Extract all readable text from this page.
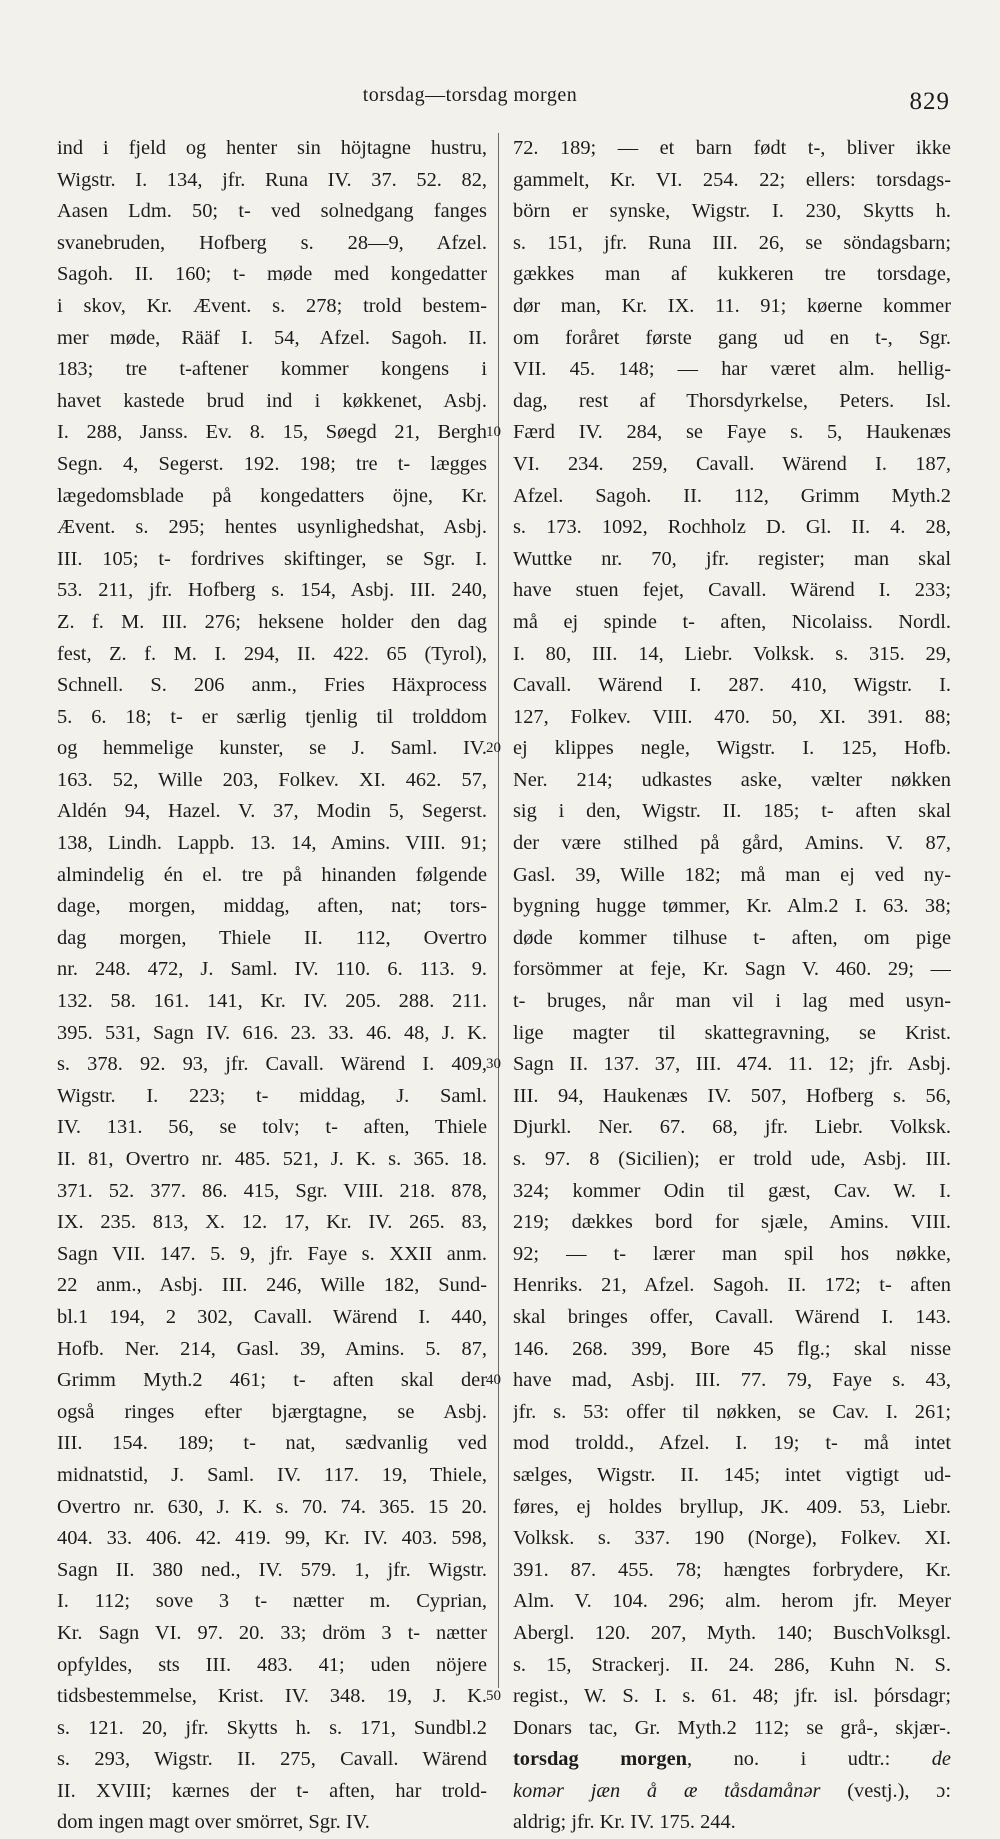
torsdag—torsdag morgen	829
ind i fjeld og henter sin höjtagne hustru,
Wigstr. I. 134, jfr. Runa IV. 37. 52. 82,
Aasen Ldm. 50; t- ved solnedgang fanges
svanebruden, Hofberg s. 28—9, Afzel.
Sagoh. II. 160; t- møde med kongedatter
i skov, Kr. Ævent. s. 278; trold bestem-
mer møde, Rääf I. 54, Afzel. Sagoh. II.
183; tre t-aftener kommer kongens i
havet kastede brud ind i køkkenet, Asbj.
I. 288, Janss. Ev. 8. 15, Søegd 21, Bergh
Segn. 4, Segerst. 192. 198; tre t- lægges
lægedomsblade på kongedatters öjne, Kr.
Ævent. s. 295; hentes usynlighedshat, Asbj.
III. 105; t- fordrives skiftinger, se Sgr. I.
53. 211, jfr. Hofberg s. 154, Asbj. III. 240,
Z. f. M. III. 276; heksene holder den dag
fest, Z. f. M. I. 294, II. 422. 65 (Tyrol),
Schnell. S. 206 anm., Fries Häxprocess
5. 6. 18; t- er særlig tjenlig til trolddom
og hemmelige kunster, se J. Saml. IV.
163. 52, Wille 203, Folkev. XI. 462. 57,
Aldén 94, Hazel. V. 37, Modin 5, Segerst.
138, Lindh. Lappb. 13. 14, Amins. VIII. 91;
almindelig én el. tre på hinanden følgende
dage, morgen, middag, aften, nat; tors-
dag morgen, Thiele II. 112, Overtro
nr. 248. 472, J. Saml. IV. 110. 6. 113. 9.
132. 58. 161. 141, Kr. IV. 205. 288. 211.
395. 531, Sagn IV. 616. 23. 33. 46. 48, J. K.
s. 378. 92. 93, jfr. Cavall. Wärend I. 409,
Wigstr. I. 223; t- middag, J. Saml.
IV. 131. 56, se tolv; t- aften, Thiele
II. 81, Overtro nr. 485. 521, J. K. s. 365. 18.
371. 52. 377. 86. 415, Sgr. VIII. 218. 878,
IX. 235. 813, X. 12. 17, Kr. IV. 265. 83,
Sagn VII. 147. 5. 9, jfr. Faye s. XXII anm.
22 anm., Asbj. III. 246, Wille 182, Sund-
bl.1 194, 2 302, Cavall. Wärend I. 440,
Hofb. Ner. 214, Gasl. 39, Amins. 5. 87,
Grimm Myth.2 461; t- aften skal der
også ringes efter bjærgtagne, se Asbj.
III. 154. 189; t- nat, sædvanlig ved
midnatstid, J. Saml. IV. 117. 19, Thiele,
Overtro nr. 630, J. K. s. 70. 74. 365. 15 20.
404. 33. 406. 42. 419. 99, Kr. IV. 403. 598,
Sagn II. 380 ned., IV. 579. 1, jfr. Wigstr.
I. 112; sove 3 t- nætter m. Cyprian,
Kr. Sagn VI. 97. 20. 33; dröm 3 t- nætter
opfyldes, sts III. 483. 41; uden nöjere
tidsbestemmelse, Krist. IV. 348. 19, J. K.
s. 121. 20, jfr. Skytts h. s. 171, Sundbl.2
s. 293, Wigstr. II. 275, Cavall. Wärend
II. XVIII; kærnes der t- aften, har trold-
dom ingen magt over smörret, Sgr. IV.
10
20
30
40
50
72. 189; — et barn født t-, bliver ikke
gammelt, Kr. VI. 254. 22; ellers: torsdags-
börn er synske, Wigstr. I. 230, Skytts h.
s. 151, jfr. Runa III. 26, se söndagsbarn;
gækkes man af kukkeren tre torsdage,
dør man, Kr. IX. 11. 91; køerne kommer
om foråret første gang ud en t-, Sgr.
VII. 45. 148; — har været alm. hellig-
dag, rest af Thorsdyrkelse, Peters. Isl.
Færd IV. 284, se Faye s. 5, Haukenæs
VI. 234. 259, Cavall. Wärend I. 187,
Afzel. Sagoh. II. 112, Grimm Myth.2
s. 173. 1092, Rochholz D. Gl. II. 4. 28,
Wuttke nr. 70, jfr. register; man skal
have stuen fejet, Cavall. Wärend I. 233;
må ej spinde t- aften, Nicolaiss. Nordl.
I. 80, III. 14, Liebr. Volksk. s. 315. 29,
Cavall. Wärend I. 287. 410, Wigstr. I.
127, Folkev. VIII. 470. 50, XI. 391. 88;
ej klippes negle, Wigstr. I. 125, Hofb.
Ner. 214; udkastes aske, vælter nøkken
sig i den, Wigstr. II. 185; t- aften skal
der være stilhed på gård, Amins. V. 87,
Gasl. 39, Wille 182; må man ej ved ny-
bygning hugge tømmer, Kr. Alm.2 I. 63. 38;
døde kommer tilhuse t- aften, om pige
forsömmer at feje, Kr. Sagn V. 460. 29; —
t- bruges, når man vil i lag med usyn-
lige magter til skattegravning, se Krist.
Sagn II. 137. 37, III. 474. 11. 12; jfr. Asbj.
III. 94, Haukenæs IV. 507, Hofberg s. 56,
Djurkl. Ner. 67. 68, jfr. Liebr. Volksk.
s. 97. 8 (Sicilien); er trold ude, Asbj. III.
324; kommer Odin til gæst, Cav. W. I.
219; dækkes bord for sjæle, Amins. VIII.
92; — t- lærer man spil hos nøkke,
Henriks. 21, Afzel. Sagoh. II. 172; t- aften
skal bringes offer, Cavall. Wärend I. 143.
146. 268. 399, Bore 45 flg.; skal nisse
have mad, Asbj. III. 77. 79, Faye s. 43,
jfr. s. 53: offer til nøkken, se Cav. I. 261;
mod troldd., Afzel. I. 19; t- må intet
sælges, Wigstr. II. 145; intet vigtigt ud-
føres, ej holdes bryllup, JK. 409. 53, Liebr.
Volksk. s. 337. 190 (Norge), Folkev. XI.
391. 87. 455. 78; hængtes forbrydere, Kr.
Alm. V. 104. 296; alm. herom jfr. Meyer
Abergl. 120. 207, Myth. 140; BuschVolksgl.
s. 15, Strackerj. II. 24. 286, Kuhn N. S.
regist., W. S. I. s. 61. 48; jfr. isl. þórsdagr;
Donars tac, Gr. Myth.2 112; se grå-, skjær-.
torsdag morgen, no. i udtr.: de
komər jæn å æ tåsdamånər (vestj.), ɔ:
aldrig; jfr. Kr. IV. 175. 244.
